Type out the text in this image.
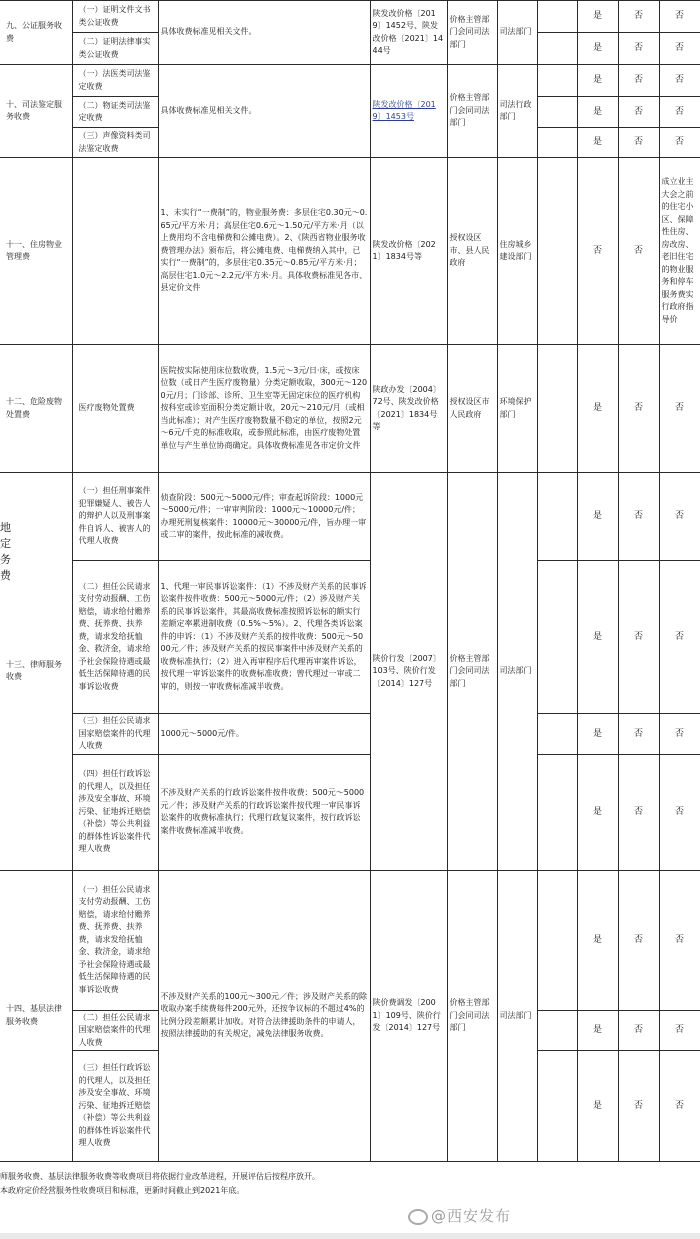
九、公证服务收费	（一）证明文件文书类公证收费	具体收费标准见相关文件。	陕发改价格〔2019〕1452号、陕发改价格〔2021〕1444号	价格主管部门会同司法部门	司法部门		是	否	否
	（二）证明法律事实类公证收费						是	否	否
十、司法鉴定服务收费	（一）法医类司法鉴定收费	具体收费标准见相关文件。	陕发改价格〔2019〕1453号	价格主管部门会同司法部门	司法行政部门		是	否	否
	（二）物证类司法鉴定收费						是	否	否
	（三）声像资料类司法鉴定收费						是	否	否
十一、住房物业管理费		1、未实行“一费制”的，物业服务费：多层住宅0.30元～0.65元/平方米·月；高层住宅0.6元～1.50元/平方米·月（以上费用均不含电梯费和公摊电费）。2、《陕西省物业服务收费管理办法》颁布后，将公摊电费、电梯费纳入其中，已实行“一费制”的，多层住宅0.35元～0.85元/平方米·月；高层住宅1.0元～2.2元/平方米·月。具体收费标准见各市、县定价文件	陕发改价格〔2021〕1834号等	授权设区市、县人民政府	住房城乡建设部门		否	否	成立业主大会之前的住宅小区、保障性住房、房改房、老旧住宅的物业服务和停车服务费实行政府指导价
十二、危险废物处置费	医疗废物处置费	医院按实际使用床位数收费，1.5元～3元/日·床，或按床位数（或日产生医疗废物量）分类定额收取，300元～1200元/月；门诊部、诊所、卫生室等无固定床位的医疗机构按科室或诊室面积分类定额计收，20元～210元/月（或相当此标准）；对产生医疗废物数量不稳定的单位，按照2元～6元/千克的标准收取，或参照此标准，由医疗废物处置单位与产生单位协商确定。具体收费标准见各市定价文件	陕政办发〔2004〕72号、陕发改价格〔2021〕1834号等	授权设区市人民政府	环境保护部门		是	否	否
十三、律师服务收费	（一）担任刑事案件犯罪嫌疑人、被告人的辩护人以及刑事案件自诉人、被害人的代理人收费	侦查阶段：500元～5000元/件；审查起诉阶段：1000元～5000元/件；一审审判阶段：1000元～10000元/件；办理死刑复核案件：10000元～30000元/件，旨办理一审或二审的案件，按此标准的减收费。	陕价行发〔2007〕103号、陕价行发〔2014〕127号	价格主管部门会同司法部门	司法部门		是	否	否
	（二）担任公民请求支付劳动报酬、工伤赔偿，请求给付赡养费、抚养费、扶养费，请求发给抚恤金、救济金，请求给予社会保险待遇或最低生活保障待遇的民事诉讼收费	1、代理一审民事诉讼案件：（1）不涉及财产关系的民事诉讼案件按件收费：500元～5000元/件；（2）涉及财产关系的民事诉讼案件，其最高收费标准按照诉讼标的额实行差额定率累进制收费（0.5%～5%）。2、代理各类诉讼案件的申诉：（1）不涉及财产关系的按件收费：500元～5000元／件；涉及财产关系的按民事案件中涉及财产关系的收费标准执行；（2）进入再审程序后代理再审案件诉讼，按代理一审诉讼案件的收费标准收费；曾代理过一审或二审的，则按一审收费标准减半收费。					是	否	否
	（三）担任公民请求国家赔偿案件的代理人收费	1000元～5000元/件。					是	否	否
	（四）担任行政诉讼的代理人，以及担任涉及安全事故、环境污染、征地拆迁赔偿（补偿）等公共利益的群体性诉讼案件代理人收费	不涉及财产关系的行政诉讼案件按件收费：500元～5000元／件；涉及财产关系的行政诉讼案件按代理一审民事诉讼案件的收费标准执行；代理行政复议案件，按行政诉讼案件收费标准减半收费。					是	否	否
十四、基层法律服务收费	（一）担任公民请求支付劳动报酬、工伤赔偿，请求给付赡养费、抚养费、扶养费，请求发给抚恤金、救济金，请求给予社会保险待遇或最低生活保障待遇的民事诉讼收费	不涉及财产关系的100元～300元／件；涉及财产关系的除收取办案手续费每件200元外，还按争议标的不超过4%的比例分段差额累计加收。对符合法律援助条件的申请人，按照法律援助的有关规定，减免法律服务收费。	陕价费调发〔2001〕109号、陕价行发〔2014〕127号	价格主管部门会同司法部门	司法部门		是	否	否
	（二）担任公民请求国家赔偿案件的代理人收费						是	否	否
	（三）担任行政诉讼的代理人，以及担任涉及安全事故、环境污染、征地拆迁赔偿（补偿）等公共利益的群体性诉讼案件代理人收费						是	否	否
地
定
务
费
师服务收费、基层法律服务收费等收费项目将依据行业改革进程，开展评估后按程序放开。
本政府定价经营服务性收费项目和标准，更新时间截止到2021年底。
@西安发布
